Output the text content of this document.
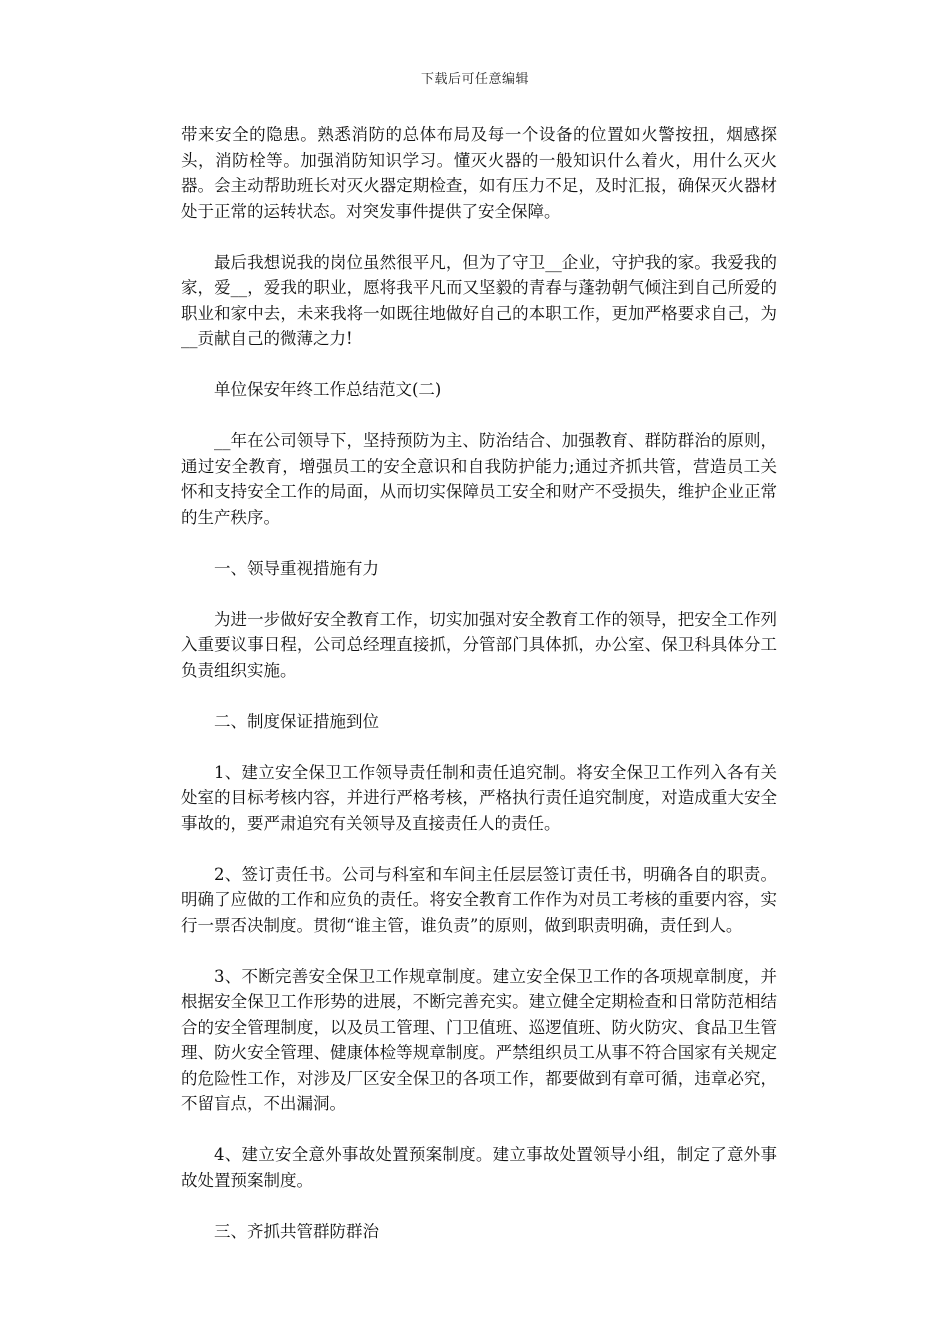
下载后可任意编辑

带来安全的隐患。熟悉消防的总体布局及每一个设备的位置如火警按扭，烟感探头，消防栓等。加强消防知识学习。懂灭火器的一般知识什么着火，用什么灭火器。会主动帮助班长对灭火器定期检查，如有压力不足，及时汇报，确保灭火器材处于正常的运转状态。对突发事件提供了安全保障。

最后我想说我的岗位虽然很平凡，但为了守卫__企业，守护我的家。我爱我的家，爱__，爱我的职业，愿将我平凡而又坚毅的青春与蓬勃朝气倾注到自己所爱的职业和家中去，未来我将一如既往地做好自己的本职工作，更加严格要求自己，为__贡献自己的微薄之力!

单位保安年终工作总结范文(二)

__年在公司领导下，坚持预防为主、防治结合、加强教育、群防群治的原则，通过安全教育，增强员工的安全意识和自我防护能力;通过齐抓共管，营造员工关怀和支持安全工作的局面，从而切实保障员工安全和财产不受损失，维护企业正常的生产秩序。

一、领导重视措施有力

为进一步做好安全教育工作，切实加强对安全教育工作的领导，把安全工作列入重要议事日程，公司总经理直接抓，分管部门具体抓，办公室、保卫科具体分工负责组织实施。

二、制度保证措施到位

1、建立安全保卫工作领导责任制和责任追究制。将安全保卫工作列入各有关处室的目标考核内容，并进行严格考核，严格执行责任追究制度，对造成重大安全事故的，要严肃追究有关领导及直接责任人的责任。

2、签订责任书。公司与科室和车间主任层层签订责任书，明确各自的职责。明确了应做的工作和应负的责任。将安全教育工作作为对员工考核的重要内容，实行一票否决制度。贯彻“谁主管，谁负责”的原则，做到职责明确，责任到人。

3、不断完善安全保卫工作规章制度。建立安全保卫工作的各项规章制度，并根据安全保卫工作形势的进展，不断完善充实。建立健全定期检查和日常防范相结合的安全管理制度，以及员工管理、门卫值班、巡逻值班、防火防灾、食品卫生管理、防火安全管理、健康体检等规章制度。严禁组织员工从事不符合国家有关规定的危险性工作，对涉及厂区安全保卫的各项工作，都要做到有章可循，违章必究，不留盲点，不出漏洞。

4、建立安全意外事故处置预案制度。建立事故处置领导小组，制定了意外事故处置预案制度。

三、齐抓共管群防群治
